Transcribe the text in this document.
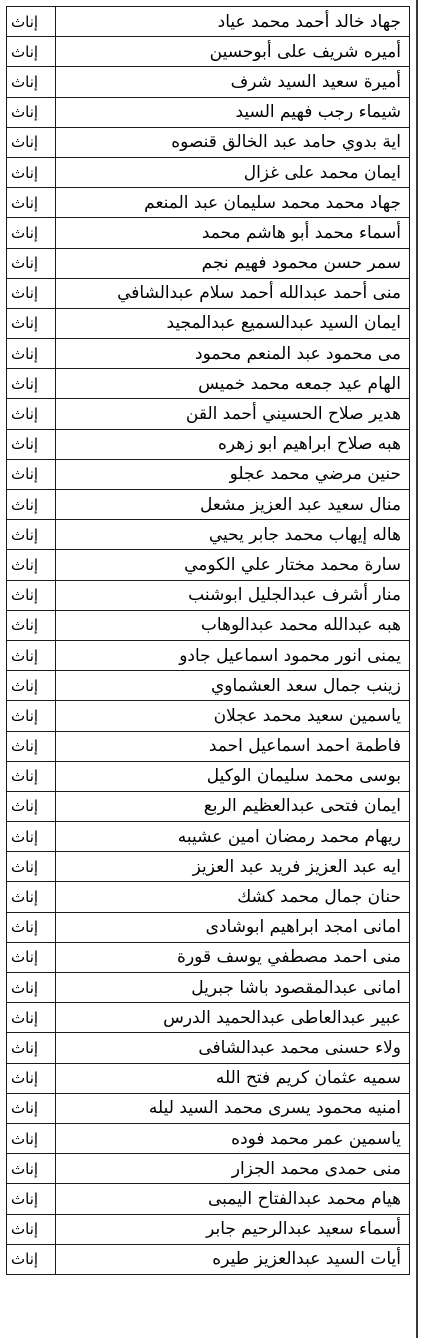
إناث	جهاد خالد أحمد محمد عياد
إناث	أميره شريف على أبوحسين
إناث	أميرة سعيد السيد شرف
إناث	شيماء رجب فهيم السيد
إناث	اية بدوي حامد عبد الخالق قنصوه
إناث	ايمان محمد على غزال
إناث	جهاد محمد محمد سليمان عبد المنعم
إناث	أسماء محمد أبو هاشم محمد
إناث	سمر حسن محمود فهيم نجم
إناث	منى أحمد عبدالله أحمد سلام عبدالشافي
إناث	ايمان السيد عبدالسميع عبدالمجيد
إناث	مى محمود عبد المنعم محمود
إناث	الهام عيد جمعه محمد خميس
إناث	هدير صلاح الحسيني أحمد القن
إناث	هبه صلاح ابراهيم ابو زهره
إناث	حنين مرضي محمد عجلو
إناث	منال سعيد عبد العزيز مشعل
إناث	هاله إيهاب محمد جابر يحيي
إناث	سارة محمد مختار علي الكومي
إناث	منار أشرف عبدالجليل ابوشنب
إناث	هبه عبدالله محمد عبدالوهاب
إناث	يمنى انور محمود اسماعيل جادو
إناث	زينب جمال سعد العشماوي
إناث	ياسمين سعيد محمد عجلان
إناث	فاطمة احمد اسماعيل احمد
إناث	بوسى محمد سليمان الوكيل
إناث	ايمان فتحى عبدالعظيم الربع
إناث	ريهام محمد رمضان امين عشيبه
إناث	ايه عبد العزيز فريد عبد العزيز
إناث	حنان جمال محمد كشك
إناث	امانى امجد ابراهيم ابوشادى
إناث	منى احمد مصطفي يوسف قورة
إناث	امانى عبدالمقصود باشا جبريل
إناث	عبير عبدالعاطى عبدالحميد الدرس
إناث	ولاء حسنى محمد عبدالشافى
إناث	سميه عثمان كريم فتح الله
إناث	امنيه محمود يسرى محمد السيد ليله
إناث	ياسمين عمر محمد فوده
إناث	منى حمدى محمد الجزار
إناث	هيام محمد عبدالفتاح اليمبى
إناث	أسماء سعيد عبدالرحيم جابر
إناث	أيات السيد عبدالعزيز طيره
